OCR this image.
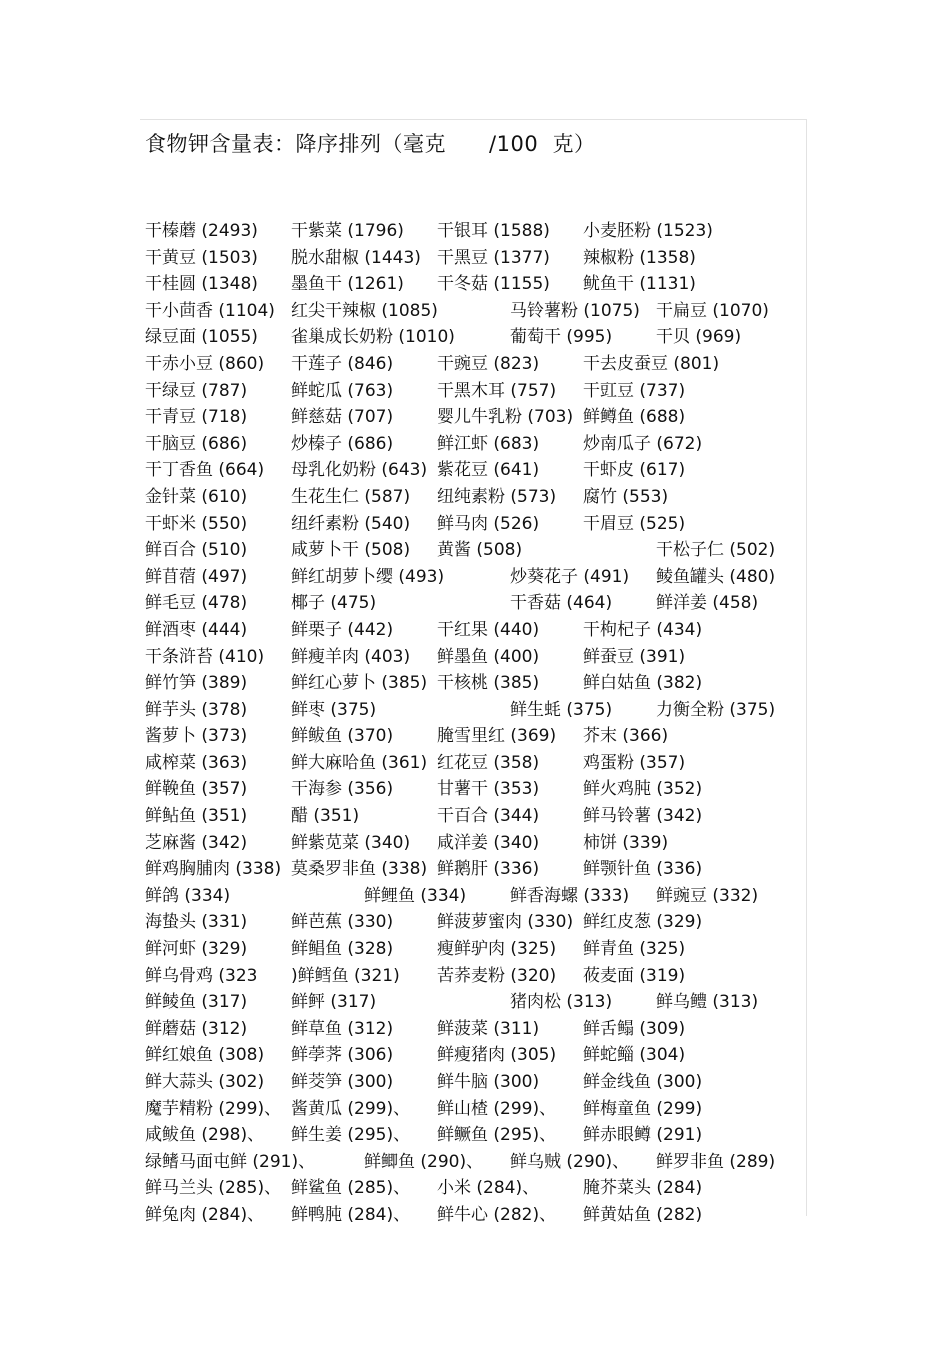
食物钾含量表：降序排列（毫克      /100  克）
干榛蘑 (2493) 干紫菜 (1796) 干银耳 (1588) 小麦胚粉 (1523)
干黄豆 (1503) 脱水甜椒 (1443) 干黑豆 (1377) 辣椒粉 (1358)
干桂圆 (1348) 墨鱼干 (1261) 干冬菇 (1155) 鱿鱼干 (1131)
干小茴香 (1104) 红尖干辣椒 (1085)	马铃薯粉 (1075) 干扁豆 (1070)
绿豆面 (1055) 雀巢成长奶粉 (1010)	葡萄干 (995)	干贝 (969)
干赤小豆 (860) 干莲子 (846)	干豌豆 (823)	干去皮蚕豆 (801)
干绿豆 (787)	鲜蛇瓜 (763)	干黑木耳 (757) 干豇豆 (737)
干青豆 (718)	鲜慈菇 (707)	婴儿牛乳粉 (703) 鲜鳟鱼 (688)
干脑豆 (686)	炒榛子 (686)	鲜江虾 (683)	炒南瓜子 (672)
干丁香鱼 (664) 母乳化奶粉 (643) 紫花豆 (641)	干虾皮 (617)
金针菜 (610)	生花生仁 (587) 纽纯素粉 (573) 腐竹 (553)
干虾米 (550)	纽纤素粉 (540) 鲜马肉 (526)	干眉豆 (525)
鲜百合 (510)	咸萝卜干 (508) 黄酱 (508)	干松子仁 (502)
鲜苜蓿 (497)	鲜红胡萝卜缨 (493)	炒葵花子 (491) 鲮鱼罐头 (480)
鲜毛豆 (478)	椰子 (475)	干香菇 (464)	鲜洋姜 (458)
鲜酒枣 (444)	鲜栗子 (442)	干红果 (440)	干枸杞子 (434)
干条浒苔 (410) 鲜瘦羊肉 (403) 鲜墨鱼 (400)	鲜蚕豆 (391)
鲜竹笋 (389)	鲜红心萝卜 (385) 干核桃 (385)	鲜白姑鱼 (382)
鲜芋头 (378)	鲜枣 (375)	鲜生蚝 (375)	力衡全粉 (375)
酱萝卜 (373)	鲜鲅鱼 (370)	腌雪里红 (369) 芥末 (366)
咸榨菜 (363)	鲜大麻哈鱼 (361) 红花豆 (358)	鸡蛋粉 (357)
鲜鞔鱼 (357)	干海参 (356)	甘薯干 (353)	鲜火鸡肫 (352)
鲜鲇鱼 (351)	醋 (351)	干百合 (344)	鲜马铃薯 (342)
芝麻酱 (342)	鲜紫苋菜 (340) 咸洋姜 (340)	柿饼 (339)
鲜鸡胸脯肉 (338) 莫桑罗非鱼 (338) 鲜鹅肝 (336)	鲜颚针鱼 (336)
鲜鸽 (334)	鲜鲤鱼 (334)	鲜香海螺 (333) 鲜豌豆 (332)
海蛰头 (331)	鲜芭蕉 (330)	鲜菠萝蜜肉 (330) 鲜红皮葱 (329)
鲜河虾 (329)	鲜鲳鱼 (328)	瘦鲜驴肉 (325) 鲜青鱼 (325)
鲜乌骨鸡 (323 )鲜鳕鱼 (321) 苦荞麦粉 (320) 莜麦面 (319)
鲜鲮鱼 (317)	鲜鲆 (317)	猪肉松 (313)	鲜乌鳢 (313)
鲜蘑菇 (312)	鲜草鱼 (312)	鲜菠菜 (311)	鲜舌鳎 (309)
鲜红娘鱼 (308) 鲜荸荠 (306)	鲜瘦猪肉 (305) 鲜蛇鲻 (304)
鲜大蒜头 (302) 鲜茭笋 (300)	鲜牛脑 (300)	鲜金线鱼 (300)
魔芋精粉 (299)、 酱黄瓜 (299)、 鲜山楂 (299)、 鲜梅童鱼 (299)
咸鲅鱼 (298)、 鲜生姜 (295)、 鲜鳜鱼 (295)、 鲜赤眼鳟 (291)
绿鳍马面屯鲜 (291)、	鲜鲫鱼 (290)、 鲜乌贼 (290)、 鲜罗非鱼 (289)
鲜马兰头 (285)、 鲜鲨鱼 (285)、 小米 (284)、	腌芥菜头 (284)
鲜兔肉 (284)、 鲜鸭肫 (284)、 鲜牛心 (282)、 鲜黄姑鱼 (282)
